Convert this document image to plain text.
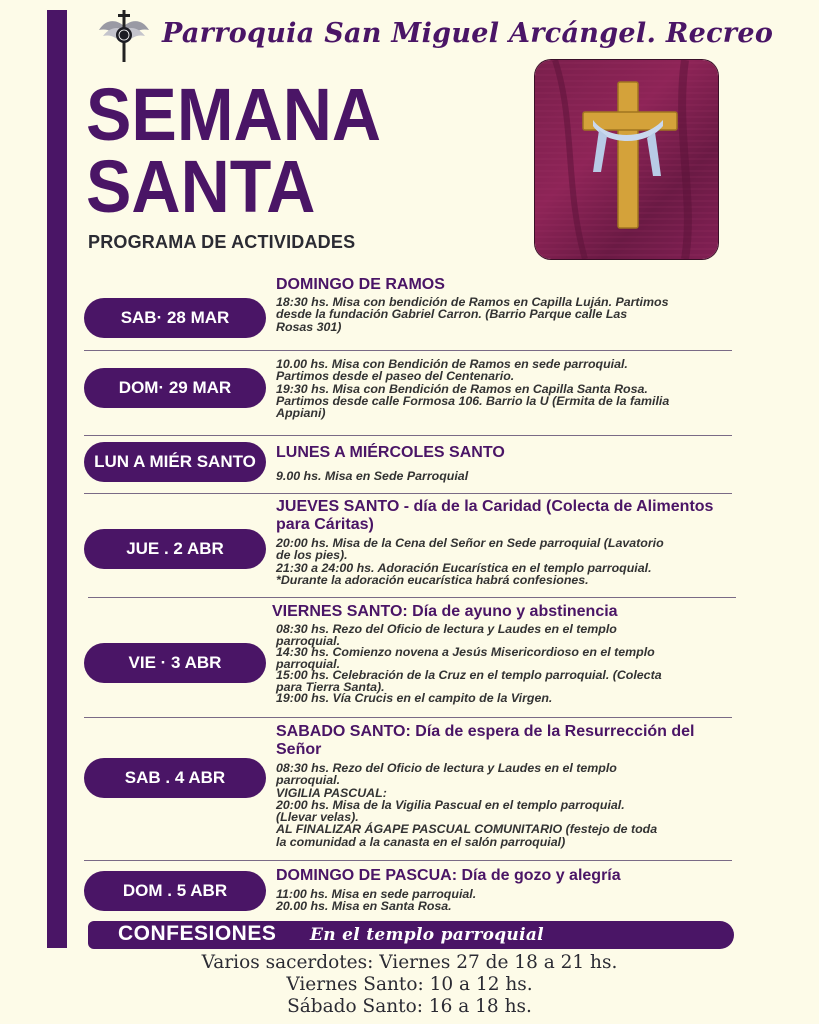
Parroquia San Miguel Arcángel. Recreo
SEMANA
SANTA
PROGRAMA DE ACTIVIDADES
SAB· 28 MAR
DOMINGO DE RAMOS
18:30 hs. Misa con bendición de Ramos en Capilla Luján. Partimos
desde la fundación Gabriel Carron. (Barrio Parque calle Las
Rosas 301)
DOM· 29 MAR
10.00 hs. Misa con Bendición de Ramos en sede parroquial.
Partimos desde el paseo del Centenario.
19:30 hs. Misa con Bendición de Ramos en Capilla Santa Rosa.
Partimos desde calle Formosa 106. Barrio la U (Ermita de la familia
Appiani)
LUN A MIÉR SANTO	LUNES A MIÉRCOLES SANTO
9.00 hs. Misa en Sede Parroquial
JUE . 2 ABR
JUEVES SANTO - día de la Caridad (Colecta de Alimentos
para Cáritas)
20:00 hs. Misa de la Cena del Señor en Sede parroquial (Lavatorio
de los pies).
21:30 a 24:00 hs. Adoración Eucarística en el templo parroquial.
*Durante la adoración eucarística habrá confesiones.
VIE · 3 ABR
VIERNES SANTO: Día de ayuno y abstinencia
08:30 hs. Rezo del Oficio de lectura y Laudes en el templo
parroquial.
14:30 hs. Comienzo novena a Jesús Misericordioso en el templo
parroquial.
15:00 hs. Celebración de la Cruz en el templo parroquial. (Colecta
para Tierra Santa).
19:00 hs. Vía Crucis en el campito de la Virgen.
SAB . 4 ABR
SABADO SANTO: Día de espera de la Resurrección del
Señor
08:30 hs. Rezo del Oficio de lectura y Laudes en el templo
parroquial.
VIGILIA PASCUAL:
20:00 hs. Misa de la Vigilia Pascual en el templo parroquial.
(Llevar velas).
AL FINALIZAR ÁGAPE PASCUAL COMUNITARIO (festejo de toda
la comunidad a la canasta en el salón parroquial)
DOM . 5 ABR
DOMINGO DE PASCUA: Día de gozo y alegría
11:00 hs. Misa en sede parroquial.
20.00 hs. Misa en Santa Rosa.
CONFESIONES En el templo parroquial
Varios sacerdotes: Viernes 27 de 18 a 21 hs.
Viernes Santo: 10 a 12 hs.
Sábado Santo: 16 a 18 hs.
